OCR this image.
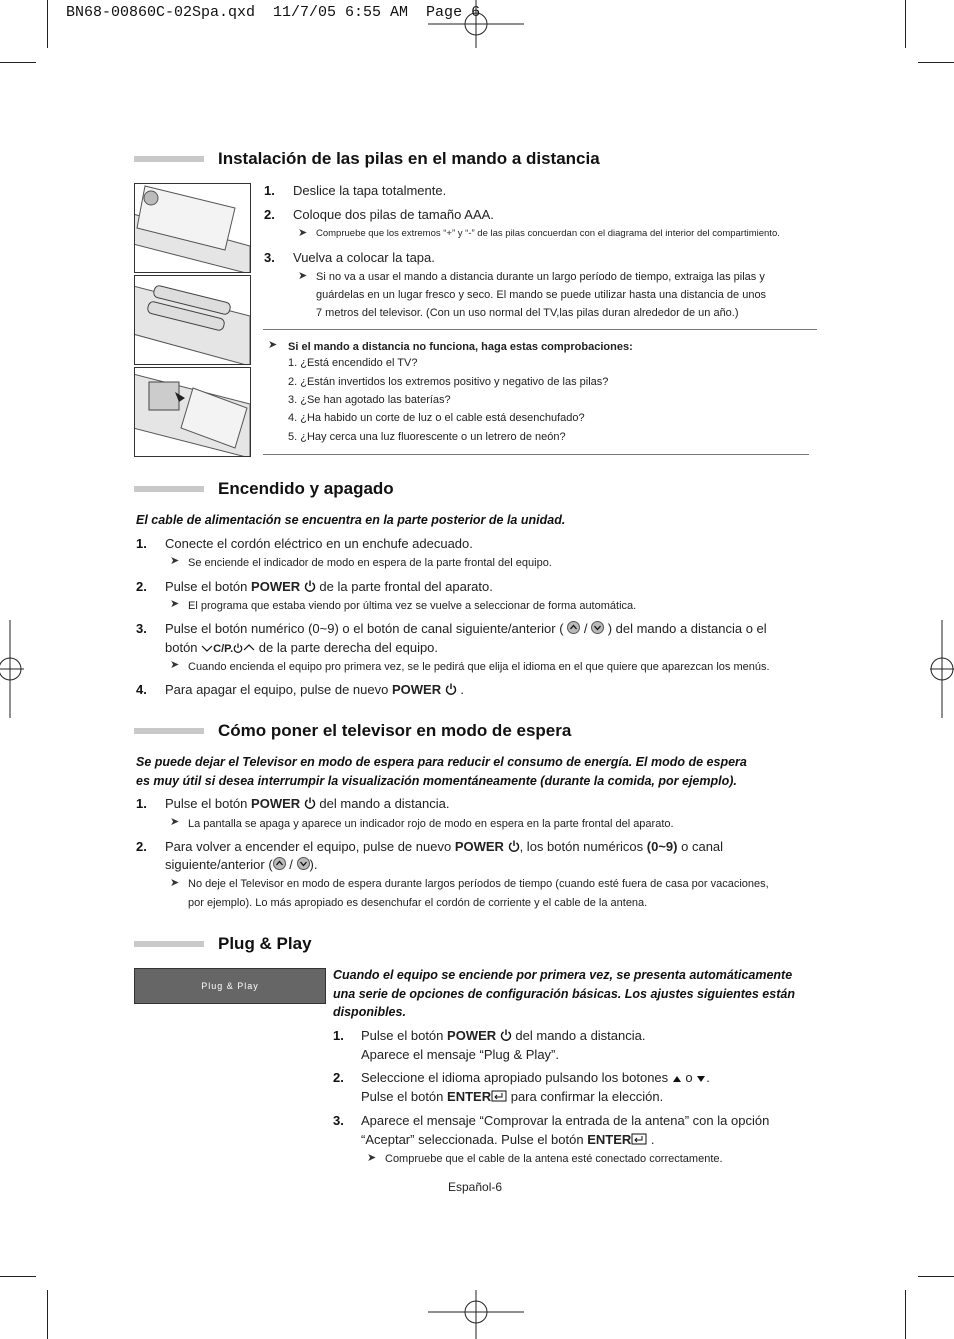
BN68-00860C-02Spa.qxd  11/7/05 6:55 AM  Page 6
Instalación de las pilas en el mando a distancia
1. Deslice la tapa totalmente.
2. Coloque dos pilas de tamaño AAA.
➤ Compruebe que los extremos “+” y “-” de las pilas concuerdan con el diagrama del interior del compartimiento.
3. Vuelva a colocar la tapa.
➤ Si no va a usar el mando a distancia durante un largo período de tiempo, extraiga las pilas y
guárdelas en un lugar fresco y seco. El mando se puede utilizar hasta una distancia de unos
7 metros del televisor. (Con un uso normal del TV,las pilas duran alrededor de un año.)
➤ Si el mando a distancia no funciona, haga estas comprobaciones:
1. ¿Está encendido el TV?
2. ¿Están invertidos los extremos positivo y negativo de las pilas?
3. ¿Se han agotado las baterías?
4. ¿Ha habido un corte de luz o el cable está desenchufado?
5. ¿Hay cerca una luz fluorescente o un letrero de neón?
Encendido y apagado
El cable de alimentación se encuentra en la parte posterior de la unidad.
1. Conecte el cordón eléctrico en un enchufe adecuado.
➤ Se enciende el indicador de modo en espera de la parte frontal del equipo.
2. Pulse el botón POWER de la parte frontal del aparato.
➤ El programa que estaba viendo por última vez se vuelve a seleccionar de forma automática.
3. Pulse el botón numérico (0~9) o el botón de canal siguiente/anterior ( / ) del mando a distancia o el
botón C/P. de la parte derecha del equipo.
➤ Cuando encienda el equipo pro primera vez, se le pedirá que elija el idioma en el que quiere que aparezcan los menús.
4. Para apagar el equipo, pulse de nuevo POWER .
Cómo poner el televisor en modo de espera
Se puede dejar el Televisor en modo de espera para reducir el consumo de energía. El modo de espera
es muy útil si desea interrumpir la visualización momentáneamente (durante la comida, por ejemplo).
1. Pulse el botón POWER del mando a distancia.
➤ La pantalla se apaga y aparece un indicador rojo de modo en espera en la parte frontal del aparato.
2. Para volver a encender el equipo, pulse de nuevo POWER , los botón numéricos (0~9) o canal
siguiente/anterior ( / ).
➤ No deje el Televisor en modo de espera durante largos períodos de tiempo (cuando esté fuera de casa por vacaciones,
por ejemplo). Lo más apropiado es desenchufar el cordón de corriente y el cable de la antena.
Plug & Play
Plug & Play
Cuando el equipo se enciende por primera vez, se presenta automáticamente
una serie de opciones de configuración básicas. Los ajustes siguientes están
disponibles.
1. Pulse el botón POWER del mando a distancia.
Aparece el mensaje “Plug & Play”.
2. Seleccione el idioma apropiado pulsando los botones o .
Pulse el botón ENTER para confirmar la elección.
3. Aparece el mensaje “Comprovar la entrada de la antena” con la opción
“Aceptar” seleccionada. Pulse el botón ENTER .
➤ Compruebe que el cable de la antena esté conectado correctamente.
Español-6
